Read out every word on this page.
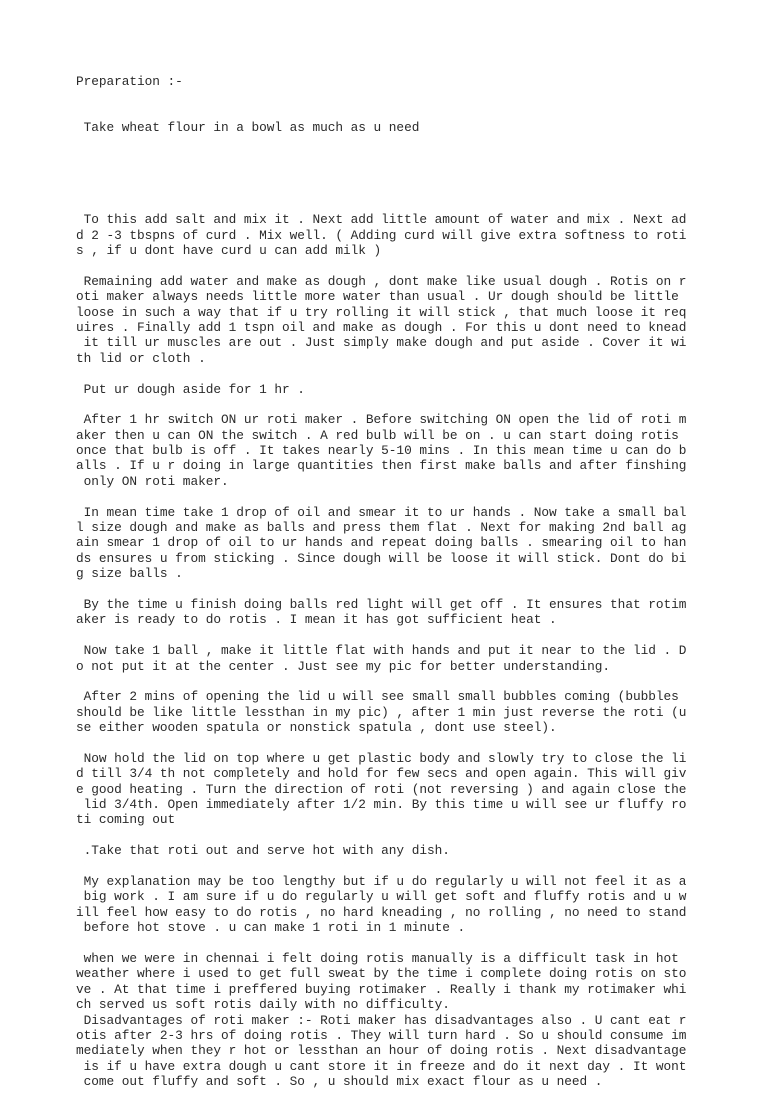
Preparation :-

Take wheat flour in a bowl as much as u need

To this add salt and mix it . Next add little amount of water and mix . Next ad
d 2 -3 tbspns of curd . Mix well. ( Adding curd will give extra softness to roti
s , if u dont have curd u can add milk )
Remaining add water and make as dough , dont make like usual dough . Rotis on r
oti maker always needs little more water than usual . Ur dough should be little
loose in such a way that if u try rolling it will stick , that much loose it req
uires . Finally add 1 tspn oil and make as dough . For this u dont need to knead
it till ur muscles are out . Just simply make dough and put aside . Cover it wi
th lid or cloth .
Put ur dough aside for 1 hr .
After 1 hr switch ON ur roti maker . Before switching ON open the lid of roti m
aker then u can ON the switch . A red bulb will be on . u can start doing rotis
once that bulb is off . It takes nearly 5-10 mins . In this mean time u can do b
alls . If u r doing in large quantities then first make balls and after finshing
only ON roti maker.
In mean time take 1 drop of oil and smear it to ur hands . Now take a small bal
l size dough and make as balls and press them flat . Next for making 2nd ball ag
ain smear 1 drop of oil to ur hands and repeat doing balls . smearing oil to han
ds ensures u from sticking . Since dough will be loose it will stick. Dont do bi
g size balls .
By the time u finish doing balls red light will get off . It ensures that rotim
aker is ready to do rotis . I mean it has got sufficient heat .
Now take 1 ball , make it little flat with hands and put it near to the lid . D
o not put it at the center . Just see my pic for better understanding.
After 2 mins of opening the lid u will see small small bubbles coming (bubbles
should be like little lessthan in my pic) , after 1 min just reverse the roti (u
se either wooden spatula or nonstick spatula , dont use steel).
Now hold the lid on top where u get plastic body and slowly try to close the li
d till 3/4 th not completely and hold for few secs and open again. This will giv
e good heating . Turn the direction of roti (not reversing ) and again close the
lid 3/4th. Open immediately after 1/2 min. By this time u will see ur fluffy ro
ti coming out
.Take that roti out and serve hot with any dish.
My explanation may be too lengthy but if u do regularly u will not feel it as a
big work . I am sure if u do regularly u will get soft and fluffy rotis and u w
ill feel how easy to do rotis , no hard kneading , no rolling , no need to stand
before hot stove . u can make 1 roti in 1 minute .
when we were in chennai i felt doing rotis manually is a difficult task in hot
weather where i used to get full sweat by the time i complete doing rotis on sto
ve . At that time i preffered buying rotimaker . Really i thank my rotimaker whi
ch served us soft rotis daily with no difficulty.
Disadvantages of roti maker :- Roti maker has disadvantages also . U cant eat r
otis after 2-3 hrs of doing rotis . They will turn hard . So u should consume im
mediately when they r hot or lessthan an hour of doing rotis . Next disadvantage
is if u have extra dough u cant store it in freeze and do it next day . It wont
come out fluffy and soft . So , u should mix exact flour as u need .
